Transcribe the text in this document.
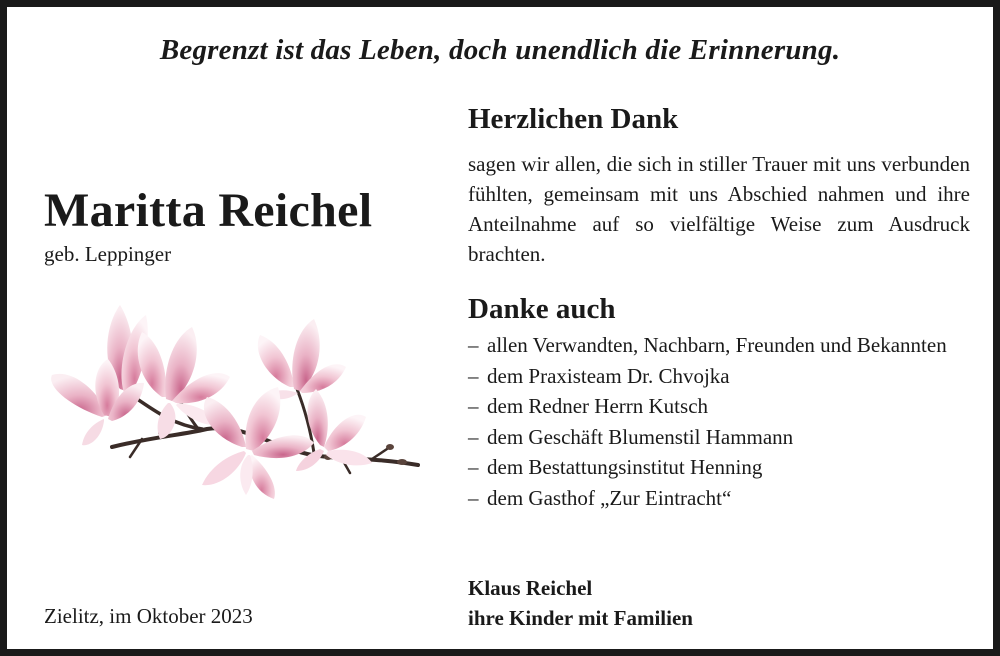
Begrenzt ist das Leben, doch unendlich die Erinnerung.
Maritta Reichel
geb. Leppinger
Zielitz, im Oktober 2023
Herzlichen Dank

sagen wir allen, die sich in stiller Trauer mit uns verbunden fühlten, gemeinsam mit uns Abschied nahmen und ihre Anteilnahme auf so vielfältige Weise zum Ausdruck brachten.

Danke auch
– allen Verwandten, Nachbarn, Freunden und Bekannten
– dem Praxisteam Dr. Chvojka
– dem Redner Herrn Kutsch
– dem Geschäft Blumenstil Hammann
– dem Bestattungsinstitut Henning
– dem Gasthof „Zur Eintracht“
Klaus Reichel
ihre Kinder mit Familien
